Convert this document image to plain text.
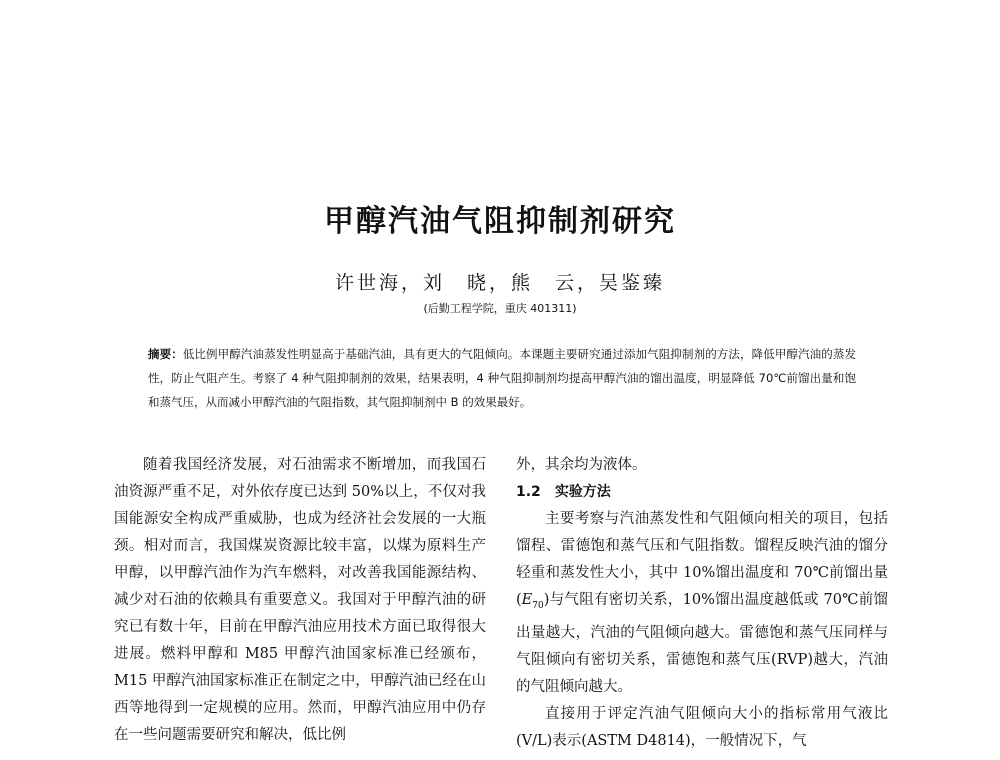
甲醇汽油气阻抑制剂研究
许世海，刘　晓，熊　云，吴鉴臻
(后勤工程学院，重庆 401311)
摘要：低比例甲醇汽油蒸发性明显高于基础汽油，具有更大的气阻倾向。本课题主要研究通过添加气阻抑制剂的方法，降低甲醇汽油的蒸发性，防止气阻产生。考察了 4 种气阻抑制剂的效果，结果表明，4 种气阻抑制剂均提高甲醇汽油的馏出温度，明显降低 70℃前馏出量和饱和蒸气压，从而减小甲醇汽油的气阻指数，其气阻抑制剂中 B 的效果最好。

随着我国经济发展，对石油需求不断增加，而我国石油资源严重不足，对外依存度已达到 50%以上，不仅对我国能源安全构成严重威胁，也成为经济社会发展的一大瓶颈。相对而言，我国煤炭资源比较丰富，以煤为原料生产甲醇，以甲醇汽油作为汽车燃料，对改善我国能源结构、减少对石油的依赖具有重要意义。我国对于甲醇汽油的研究已有数十年，目前在甲醇汽油应用技术方面已取得很大进展。燃料甲醇和 M85 甲醇汽油国家标准已经颁布，M15 甲醇汽油国家标准正在制定之中，甲醇汽油已经在山西等地得到一定规模的应用。然而，甲醇汽油应用中仍存在一些问题需要研究和解决，低比例

外，其余均为液体。

1.2 实验方法

主要考察与汽油蒸发性和气阻倾向相关的项目，包括馏程、雷德饱和蒸气压和气阻指数。馏程反映汽油的馏分轻重和蒸发性大小，其中 10%馏出温度和 70℃前馏出量$(E_{70})$与气阻有密切关系，10%馏出温度越低或 70℃前馏出量越大，汽油的气阻倾向越大。雷德饱和蒸气压同样与气阻倾向有密切关系，雷德饱和蒸气压(RVP)越大，汽油的气阻倾向越大。

直接用于评定汽油气阻倾向大小的指标常用气液比(V/L)表示(ASTM D4814)，一般情况下，气
